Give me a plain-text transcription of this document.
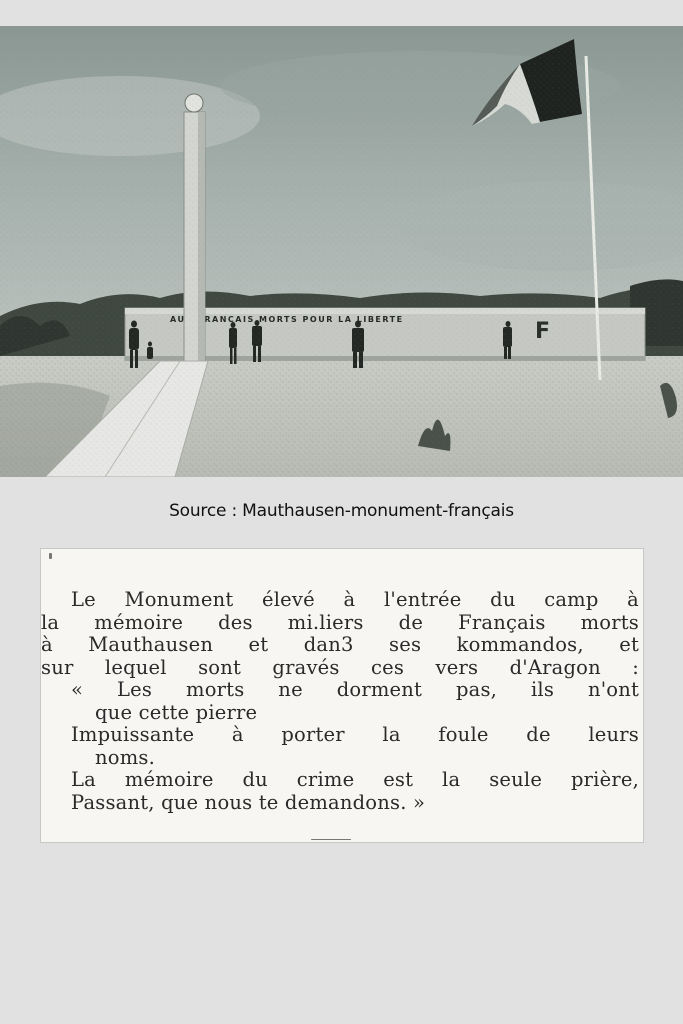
Source : Mauthausen-monument-français
Le Monument élevé à l'entrée du camp à
la mémoire des mi.liers de Français morts
à Mauthausen et dan3 ses kommandos, et
sur lequel sont gravés ces vers d'Aragon :
« Les morts ne dorment pas, ils n'ont
que cette pierre
Impuissante à porter la foule de leurs
noms.
La mémoire du crime est la seule prière,
Passant, que nous te demandons. »
